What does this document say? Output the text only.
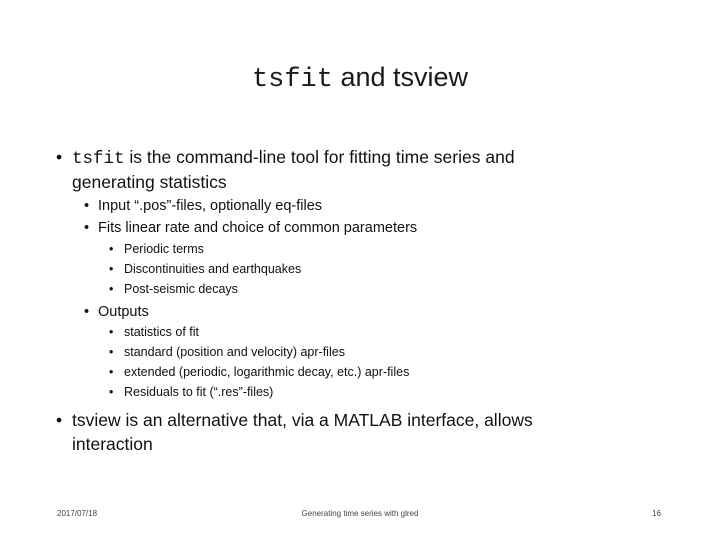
tsfit and tsview
• tsfit is the command-line tool for fitting time series and
generating statistics
• Input “.pos”-files, optionally eq-files
• Fits linear rate and choice of common parameters
• Periodic terms
• Discontinuities and earthquakes
• Post-seismic decays
• Outputs
• statistics of fit
• standard (position and velocity) apr-files
• extended (periodic, logarithmic decay, etc.) apr-files
• Residuals to fit (“.res”-files)
• tsview is an alternative that, via a MATLAB interface, allows
interaction
2017/07/18	Generating time series with glred	16
